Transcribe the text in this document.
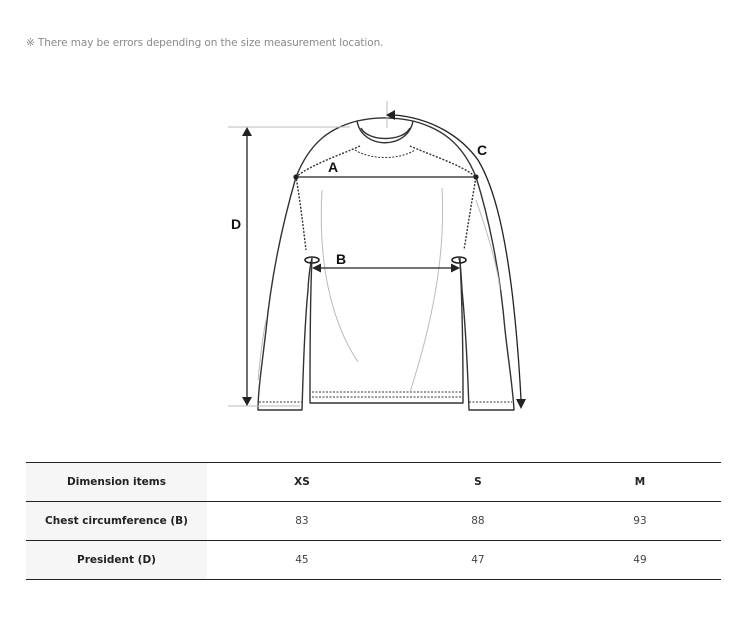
※ There may be errors depending on the size measurement location.
D
A
B
C
Dimension items	XS	S	M
Chest circumference (B)	83	88	93
President (D)	45	47	49
